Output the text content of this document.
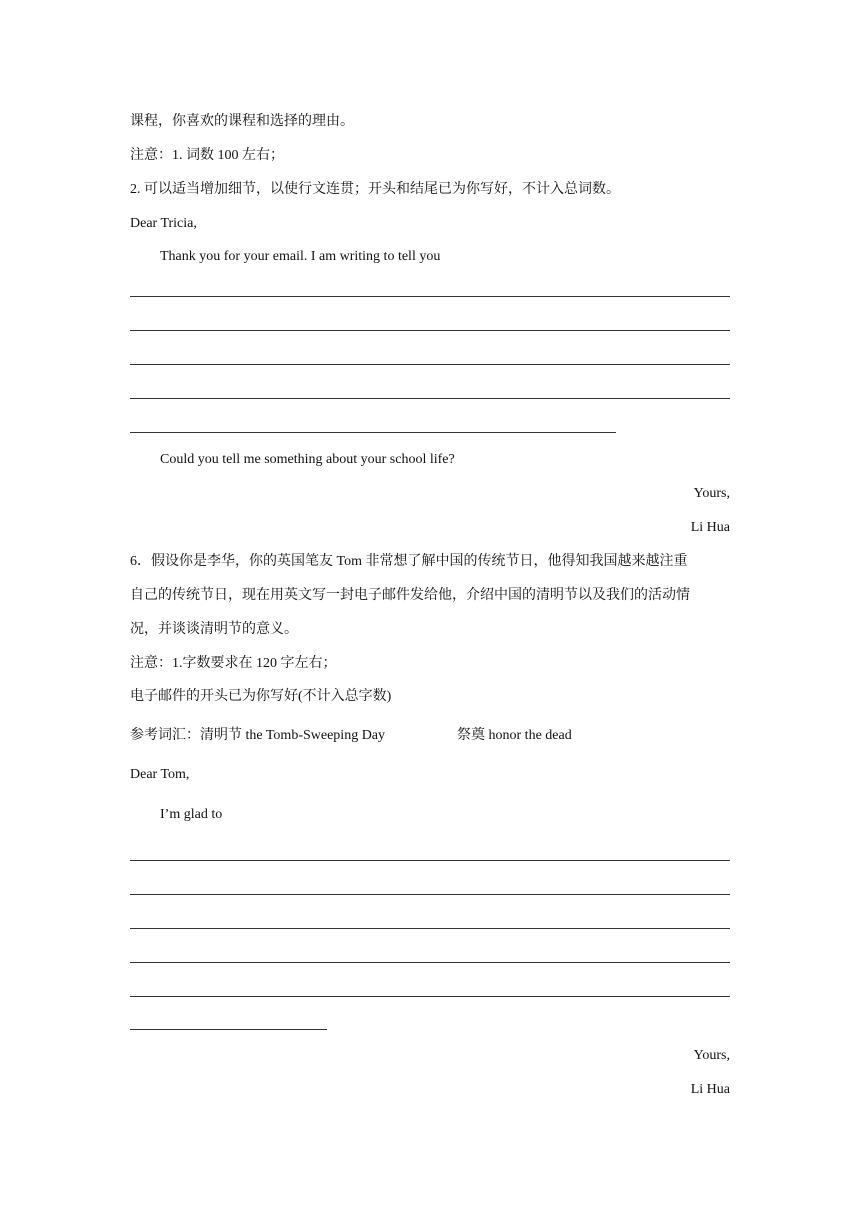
课程，你喜欢的课程和选择的理由。
注意：1. 词数 100 左右；
2. 可以适当增加细节，以使行文连贯；开头和结尾已为你写好，不计入总词数。
Dear Tricia,
Thank you for your email. I am writing to tell you
Could you tell me something about your school life?
Yours,
Li Hua
6．假设你是李华，你的英国笔友 Tom 非常想了解中国的传统节日，他得知我国越来越注重
自己的传统节日，现在用英文写一封电子邮件发给他，介绍中国的清明节以及我们的活动情
况，并谈谈清明节的意义。
注意：1.字数要求在 120 字左右；
电子邮件的开头已为你写好(不计入总字数)
参考词汇：清明节 the Tomb-Sweeping Day	祭奠 honor the dead
Dear Tom,
I’m glad to
Yours,
Li Hua
